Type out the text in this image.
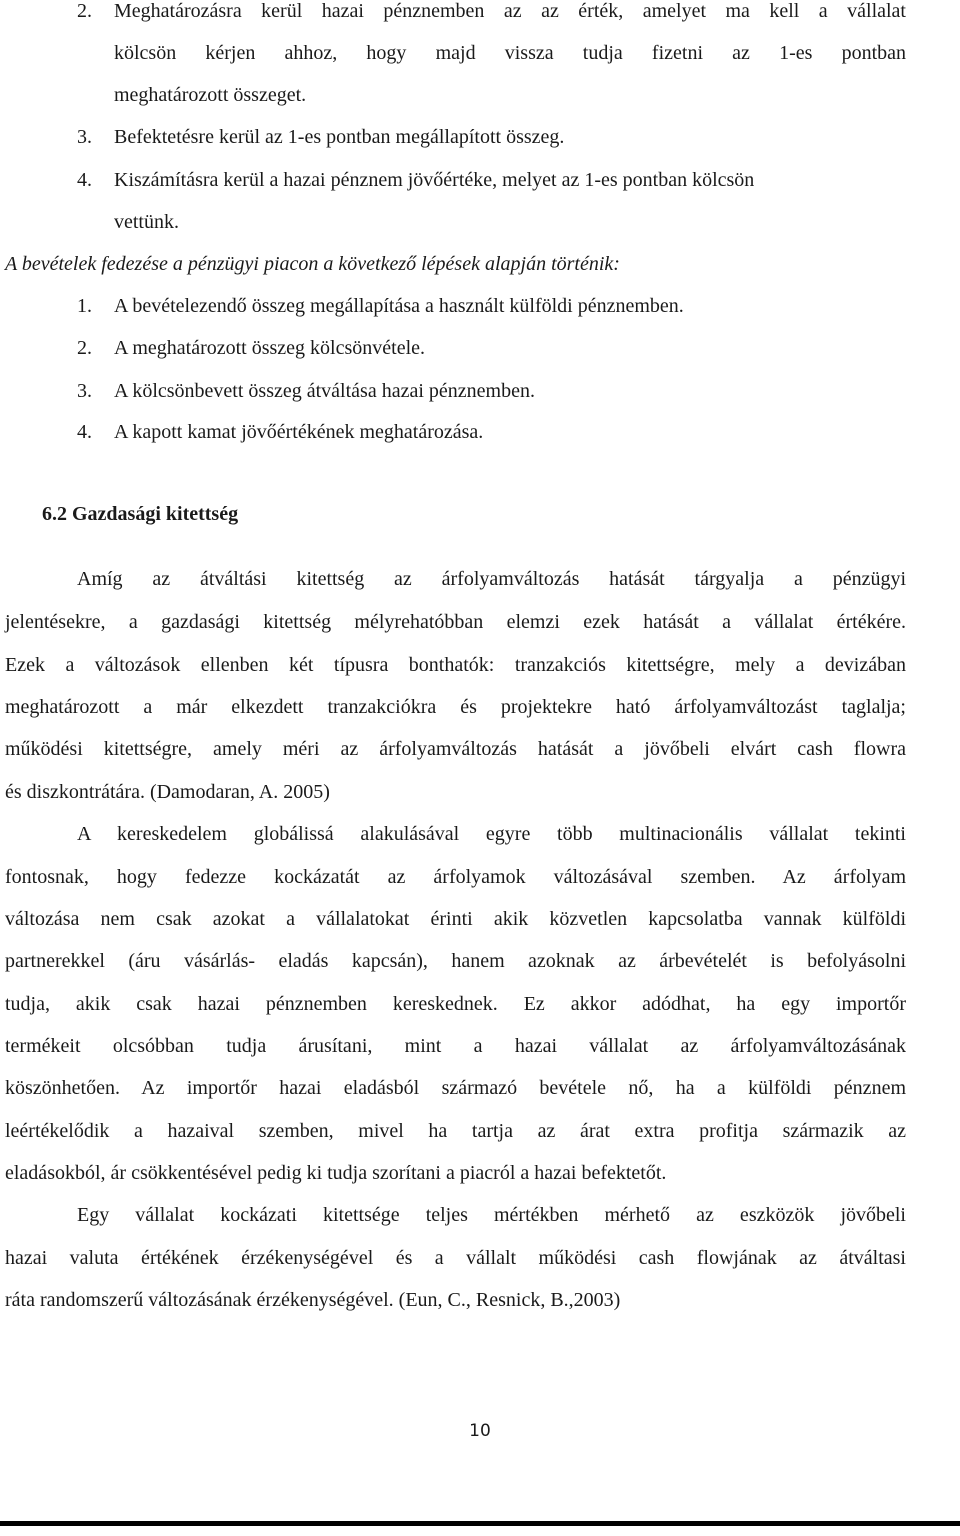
2. Meghatározásra kerül hazai pénznemben az az érték, amelyet ma kell a vállalat
kölcsön kérjen ahhoz, hogy majd vissza tudja fizetni az 1-es pontban
meghatározott összeget.
3. Befektetésre kerül az 1-es pontban megállapított összeg.
4. Kiszámításra kerül a hazai pénznem jövőértéke, melyet az 1-es pontban kölcsön
vettünk.
A bevételek fedezése a pénzügyi piacon a következő lépések alapján történik:
1. A bevételezendő összeg megállapítása a használt külföldi pénznemben.
2. A meghatározott összeg kölcsönvétele.
3. A kölcsönbevett összeg átváltása hazai pénznemben.
4. A kapott kamat jövőértékének meghatározása.
6.2 Gazdasági kitettség
Amíg az átváltási kitettség az árfolyamváltozás hatását tárgyalja a pénzügyi
jelentésekre, a gazdasági kitettség mélyrehatóbban elemzi ezek hatását a vállalat értékére.
Ezek a változások ellenben két típusra bonthatók: tranzakciós kitettségre, mely a devizában
meghatározott a már elkezdett tranzakciókra és projektekre ható árfolyamváltozást taglalja;
működési kitettségre, amely méri az árfolyamváltozás hatását a jövőbeli elvárt cash flowra
és diszkontrátára. (Damodaran, A. 2005)
A kereskedelem globálissá alakulásával egyre több multinacionális vállalat tekinti
fontosnak, hogy fedezze kockázatát az árfolyamok változásával szemben. Az árfolyam
változása nem csak azokat a vállalatokat érinti akik közvetlen kapcsolatba vannak külföldi
partnerekkel (áru vásárlás- eladás kapcsán), hanem azoknak az árbevételét is befolyásolni
tudja, akik csak hazai pénznemben kereskednek. Ez akkor adódhat, ha egy importőr
termékeit olcsóbban tudja árusítani, mint a hazai vállalat az árfolyamváltozásának
köszönhetően. Az importőr hazai eladásból származó bevétele nő, ha a külföldi pénznem
leértékelődik a hazaival szemben, mivel ha tartja az árat extra profitja származik az
eladásokból, ár csökkentésével pedig ki tudja szorítani a piacról a hazai befektetőt.
Egy vállalat kockázati kitettsége teljes mértékben mérhető az eszközök jövőbeli
hazai valuta értékének érzékenységével és a vállalt működési cash flowjának az átváltasi
ráta randomszerű változásának érzékenységével. (Eun, C., Resnick, B.,2003)
10
